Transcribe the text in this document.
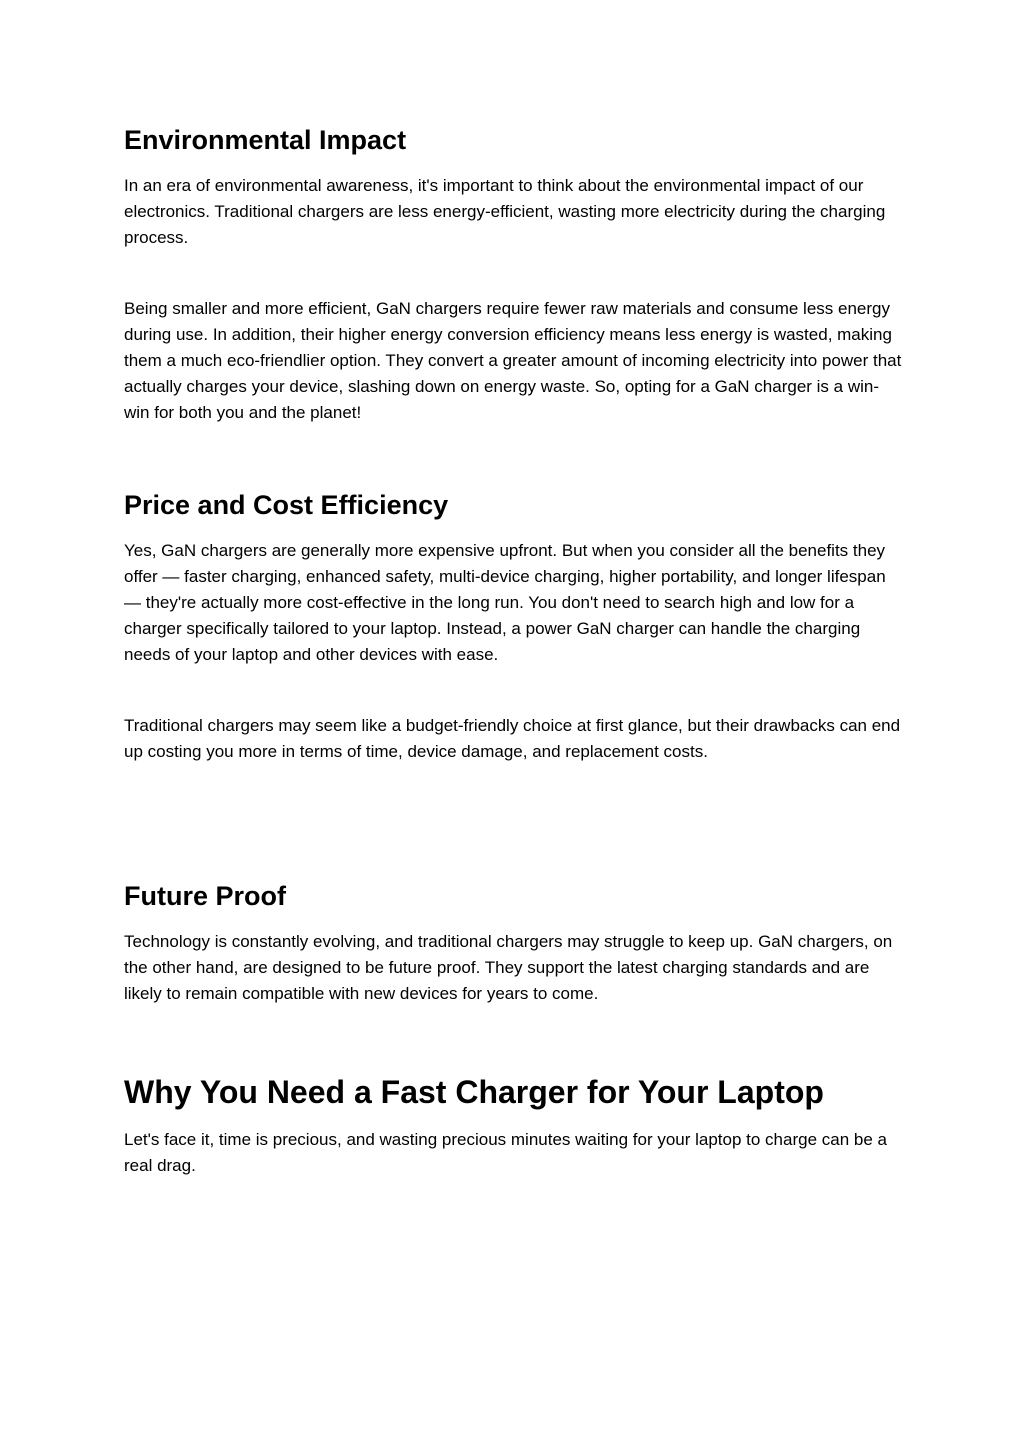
Environmental Impact

In an era of environmental awareness, it's important to think about the environmental impact of our electronics. Traditional chargers are less energy-efficient, wasting more electricity during the charging process.

Being smaller and more efficient, GaN chargers require fewer raw materials and consume less energy during use. In addition, their higher energy conversion efficiency means less energy is wasted, making them a much eco-friendlier option. They convert a greater amount of incoming electricity into power that actually charges your device, slashing down on energy waste. So, opting for a GaN charger is a win-win for both you and the planet!

Price and Cost Efficiency

Yes, GaN chargers are generally more expensive upfront. But when you consider all the benefits they offer — faster charging, enhanced safety, multi-device charging, higher portability, and longer lifespan — they're actually more cost-effective in the long run. You don't need to search high and low for a charger specifically tailored to your laptop. Instead, a power GaN charger can handle the charging needs of your laptop and other devices with ease.

Traditional chargers may seem like a budget-friendly choice at first glance, but their drawbacks can end up costing you more in terms of time, device damage, and replacement costs.

Future Proof

Technology is constantly evolving, and traditional chargers may struggle to keep up. GaN chargers, on the other hand, are designed to be future proof. They support the latest charging standards and are likely to remain compatible with new devices for years to come.

Why You Need a Fast Charger for Your Laptop

Let's face it, time is precious, and wasting precious minutes waiting for your laptop to charge can be a real drag.
